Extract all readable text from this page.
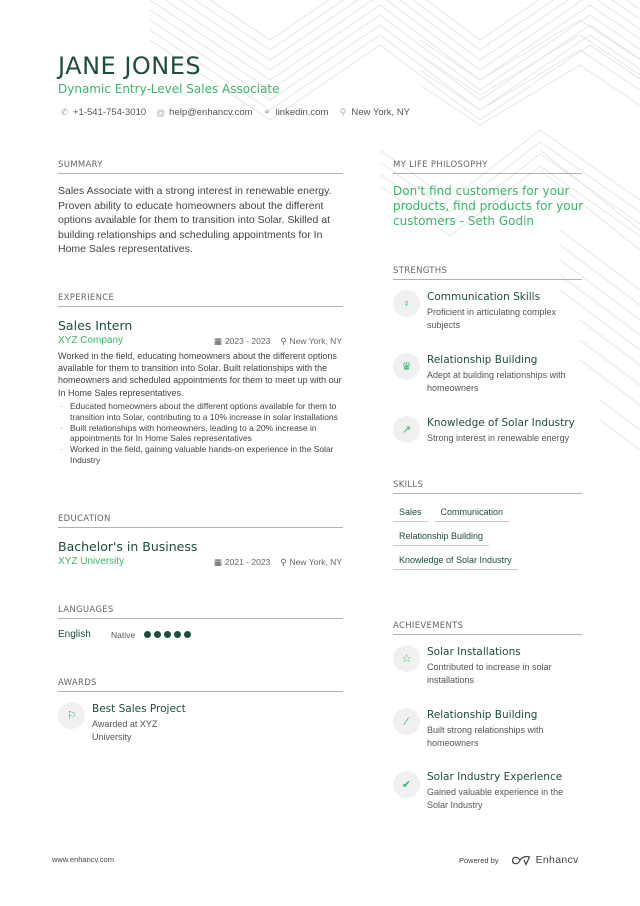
JANE JONES
Dynamic Entry-Level Sales Associate
✆ +1-541-754-3010 @ help@enhancv.com ⚭ linkedin.com ⚲ New York, NY
SUMMARY
Sales Associate with a strong interest in renewable energy. Proven ability to educate homeowners about the different options available for them to transition into Solar. Skilled at building relationships and scheduling appointments for In Home Sales representatives.
EXPERIENCE
Sales Intern
XYZ Company	▦ 2023 - 2023 ⚲ New York, NY
Worked in the field, educating homeowners about the different options available for them to transition into Solar. Built relationships with the homeowners and scheduled appointments for them to meet up with our In Home Sales representatives.
· Educated homeowners about the different options available for them to transition into Solar, contributing to a 10% increase in solar installations
· Built relationships with homeowners, leading to a 20% increase in appointments for In Home Sales representatives
· Worked in the field, gaining valuable hands-on experience in the Solar Industry
EDUCATION
Bachelor's in Business
XYZ University	▦ 2021 - 2023 ⚲ New York, NY
LANGUAGES
English	Native
AWARDS
⚐
Best Sales Project
Awarded at XYZ University
MY LIFE PHILOSOPHY
Don't find customers for your products, find products for your customers - Seth Godin
STRENGTHS
♀
Communication Skills
Proficient in articulating complex subjects
♛
Relationship Building
Adept at building relationships with homeowners
↗
Knowledge of Solar Industry
Strong interest in renewable energy
SKILLS
Sales	Communication
Relationship Building
Knowledge of Solar Industry
ACHIEVEMENTS
☆
Solar Installations
Contributed to increase in solar installations
⁄
Relationship Building
Built strong relationships with homeowners
✔
Solar Industry Experience
Gained valuable experience in the Solar Industry
www.enhancv.com	Powered by	Enhancv
